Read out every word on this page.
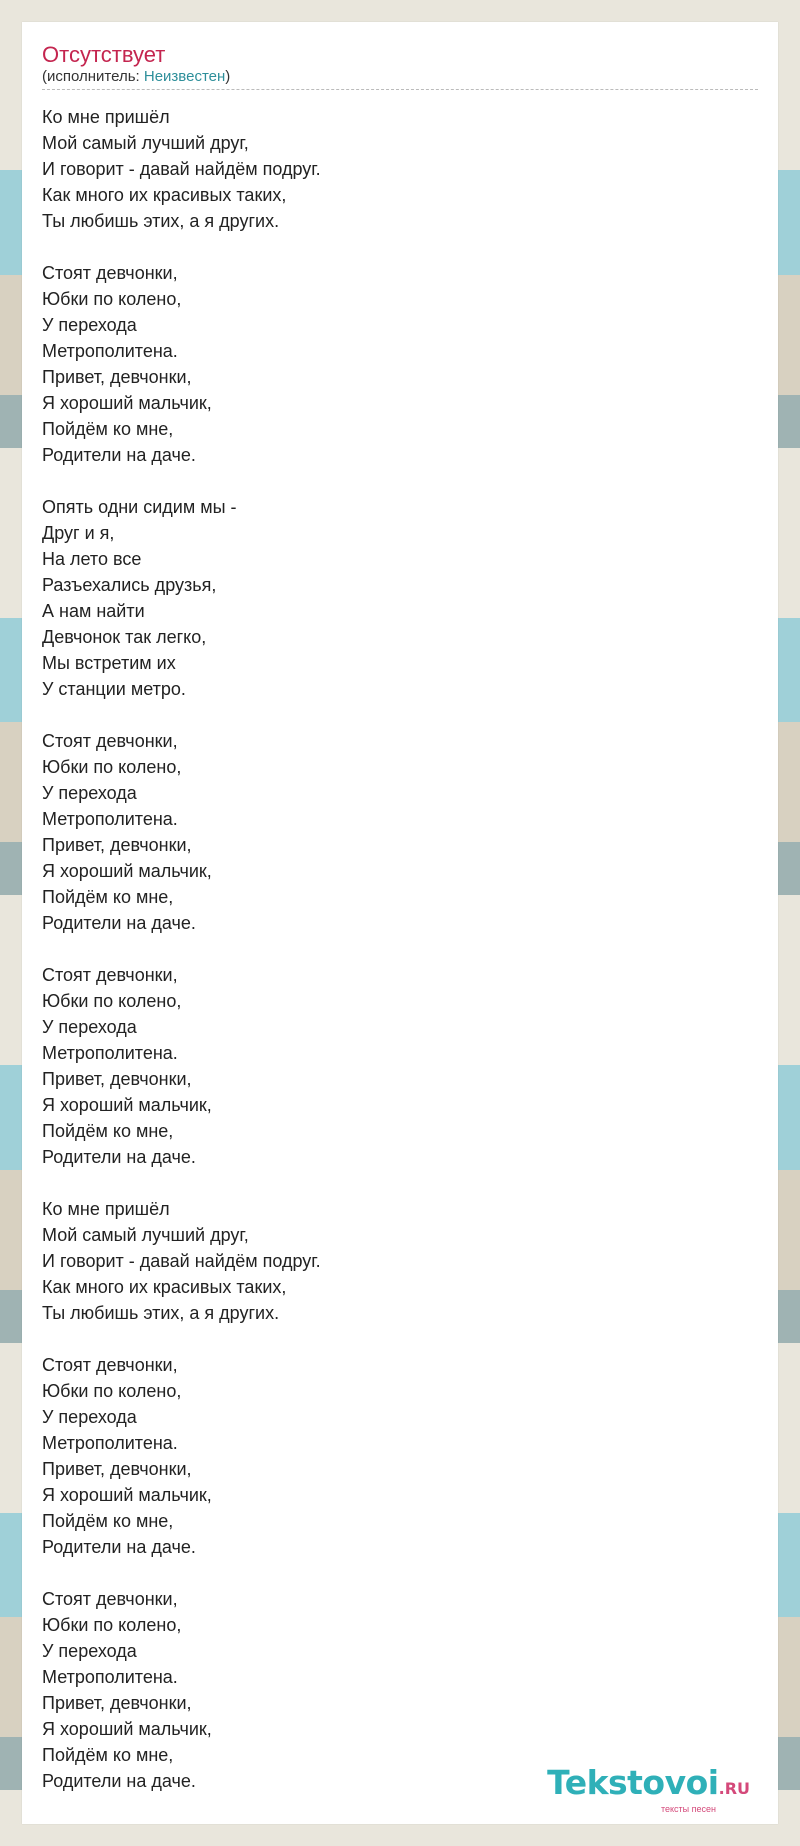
Отсутствует
(исполнитель: Неизвестен)
Ко мне пришёл
Мой самый лучший друг,
И говорит - давай найдём подруг.
Как много их красивых таких,
Ты любишь этих, а я других.
Стоят девчонки,
Юбки по колено,
У перехода
Метрополитена.
Привет, девчонки,
Я хороший мальчик,
Пойдём ко мне,
Родители на даче.
Опять одни сидим мы -
Друг и я,
На лето все
Разъехались друзья,
А нам найти
Девчонок так легко,
Мы встретим их
У станции метро.
Стоят девчонки,
Юбки по колено,
У перехода
Метрополитена.
Привет, девчонки,
Я хороший мальчик,
Пойдём ко мне,
Родители на даче.
Стоят девчонки,
Юбки по колено,
У перехода
Метрополитена.
Привет, девчонки,
Я хороший мальчик,
Пойдём ко мне,
Родители на даче.
Ко мне пришёл
Мой самый лучший друг,
И говорит - давай найдём подруг.
Как много их красивых таких,
Ты любишь этих, а я других.
Стоят девчонки,
Юбки по колено,
У перехода
Метрополитена.
Привет, девчонки,
Я хороший мальчик,
Пойдём ко мне,
Родители на даче.
Стоят девчонки,
Юбки по колено,
У перехода
Метрополитена.
Привет, девчонки,
Я хороший мальчик,
Пойдём ко мне,
Родители на даче.	Tekstovoi.RU
тексты песен
